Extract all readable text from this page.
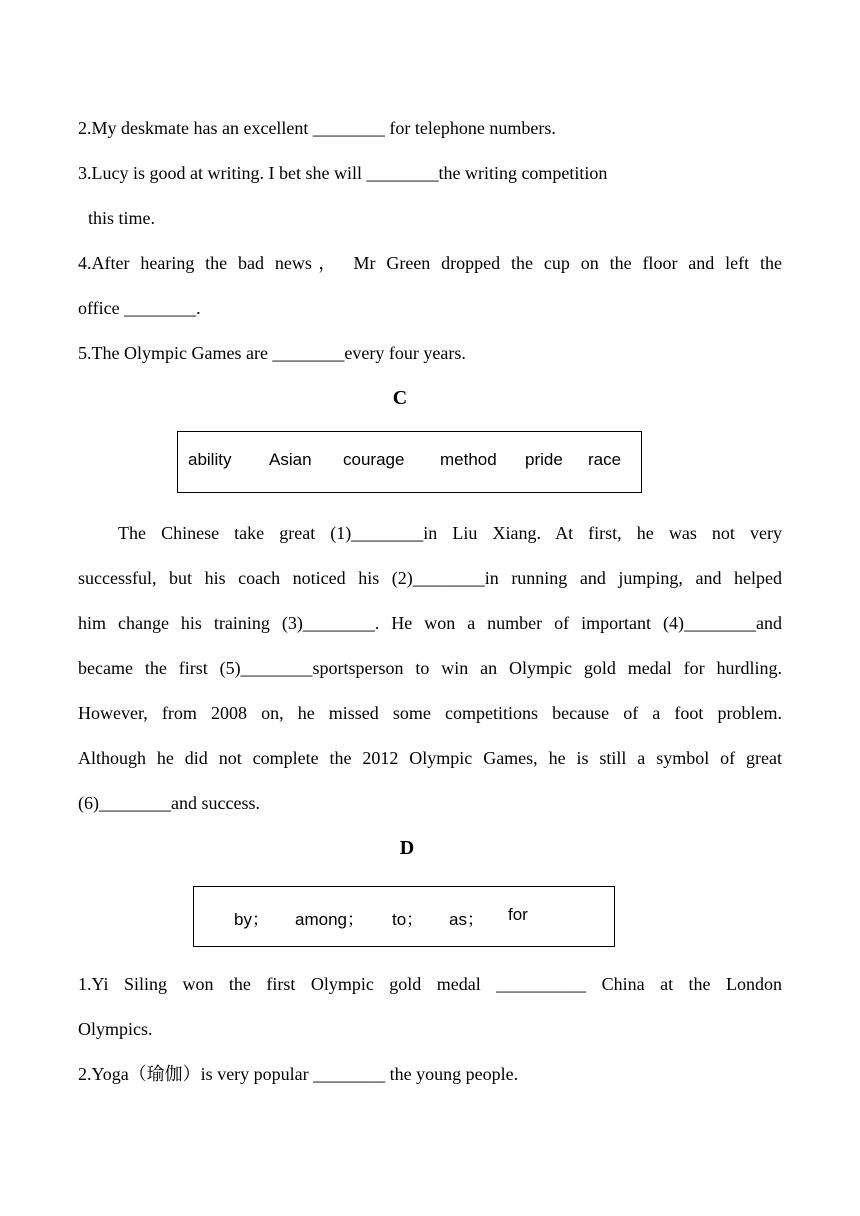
2.My deskmate has an excellent ________ for telephone numbers.

3.Lucy is good at writing. I bet she will ________the writing competition

this time.

4.After hearing the bad news， Mr Green dropped the cup on the floor and left the

office ________.

5.The Olympic Games are ________every four years.

C

ability Asian courage method pride race

The Chinese take great (1)________in Liu Xiang. At first, he was not very

successful, but his coach noticed his (2)________in running and jumping, and helped

him change his training (3)________. He won a number of important (4)________and

became the first (5)________sportsperson to win an Olympic gold medal for hurdling.

However, from 2008 on, he missed some competitions because of a foot problem.

Although he did not complete the 2012 Olympic Games, he is still a symbol of great

(6)________and success.

D

by； among； to； as； for

1.Yi Siling won the first Olympic gold medal __________ China at the London

Olympics.

2.Yoga（瑜伽）is very popular ________ the young people.
